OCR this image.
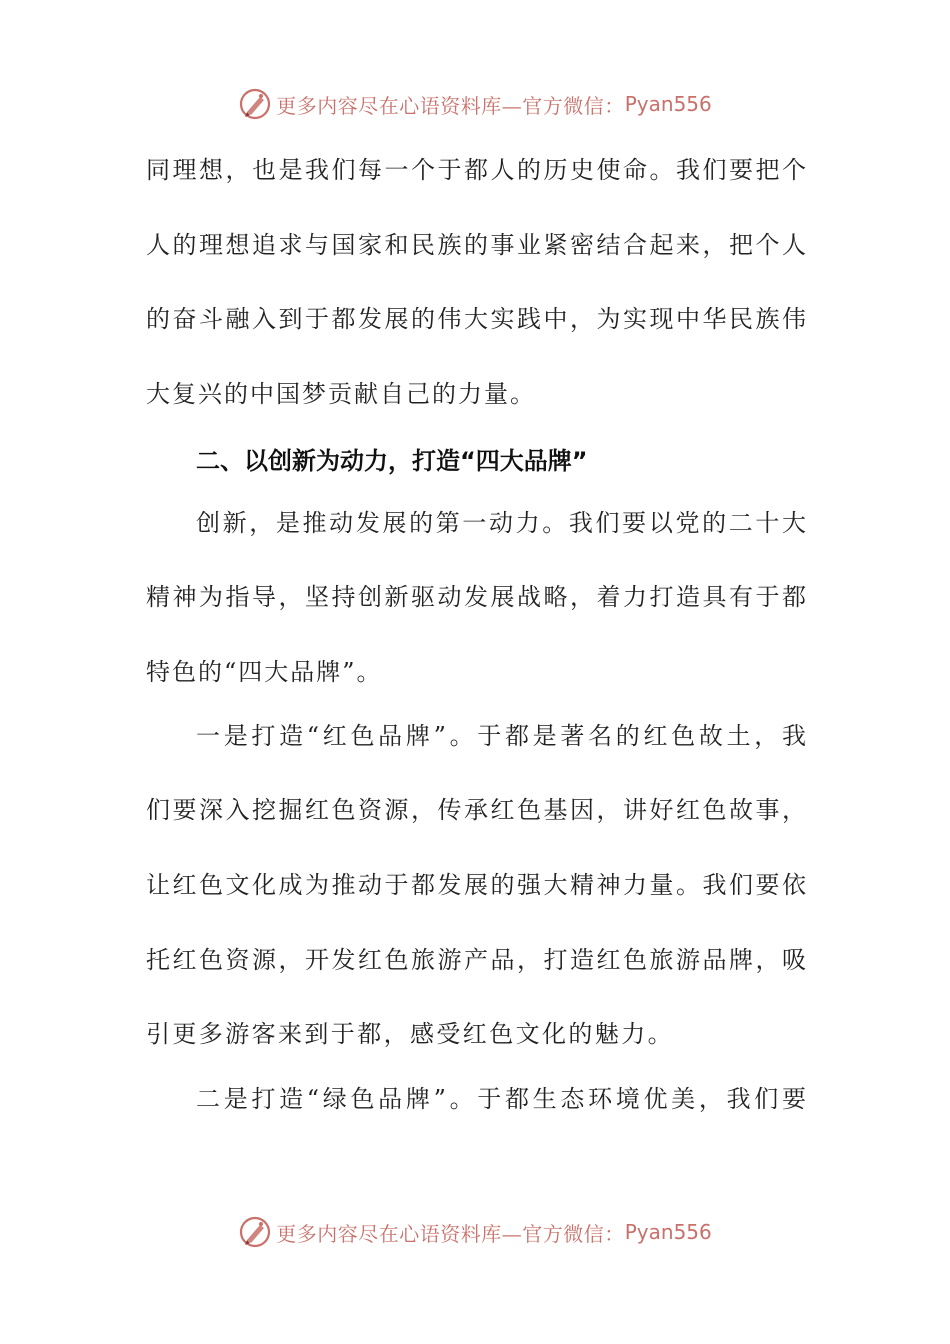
更多内容尽在心语资料库—官方微信： Pyan556
同理想，也是我们每一个于都人的历史使命。我们要把个
人的理想追求与国家和民族的事业紧密结合起来，把个人
的奋斗融入到于都发展的伟大实践中，为实现中华民族伟
大复兴的中国梦贡献自己的力量。
二、以创新为动力，打造“四大品牌”
创新，是推动发展的第一动力。我们要以党的二十大
精神为指导，坚持创新驱动发展战略，着力打造具有于都
特色的“四大品牌”。
一是打造“红色品牌”。于都是著名的红色故土，我
们要深入挖掘红色资源，传承红色基因，讲好红色故事，
让红色文化成为推动于都发展的强大精神力量。我们要依
托红色资源，开发红色旅游产品，打造红色旅游品牌，吸
引更多游客来到于都，感受红色文化的魅力。
二是打造“绿色品牌”。于都生态环境优美，我们要
更多内容尽在心语资料库—官方微信： Pyan556
